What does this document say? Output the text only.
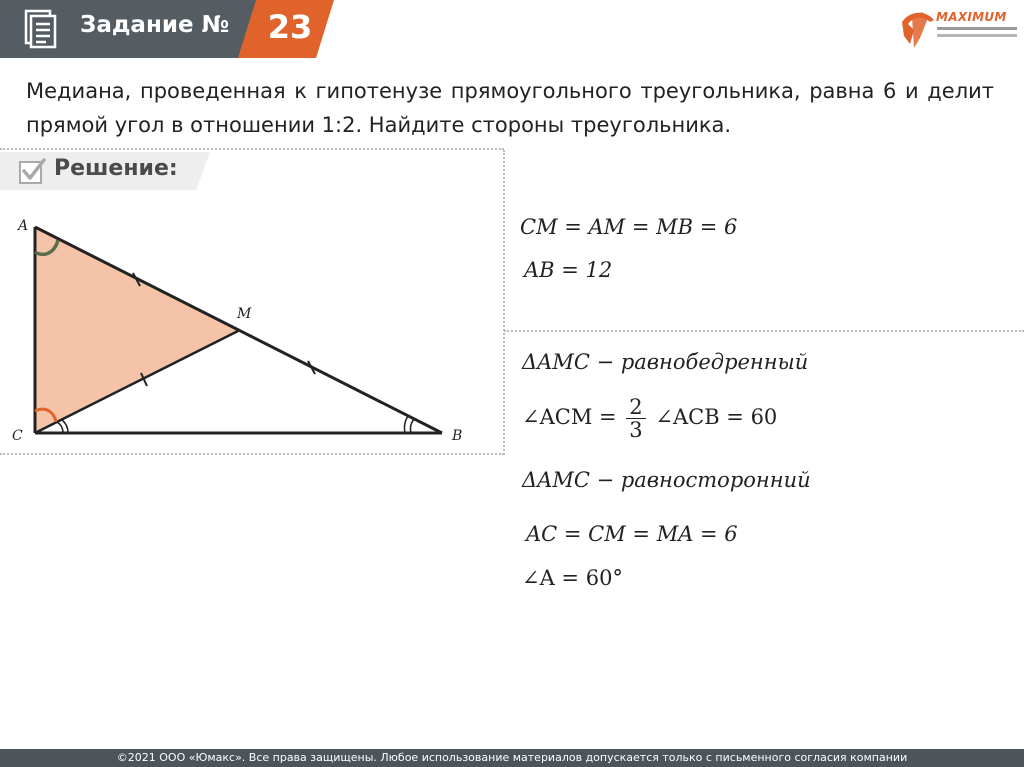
Задание № 23	MAXIMUM
Медиана, проведенная к гипотенузе прямоугольного треугольника, равна 6 и делит прямой угол в отношении 1:2. Найдите стороны треугольника.
Решение:
A
M
C	B
CM = AM = MB = 6
AB = 12
ΔAMC − равнобедренный
∠ACM = $\frac{2}{3}$ ∠ACB = 60
ΔAMC − равносторонний
AC = CM = MA = 6
∠A = 60°
©2021 ООО «Юмакс». Все права защищены. Любое использование материалов допускается только с письменного согласия компании
